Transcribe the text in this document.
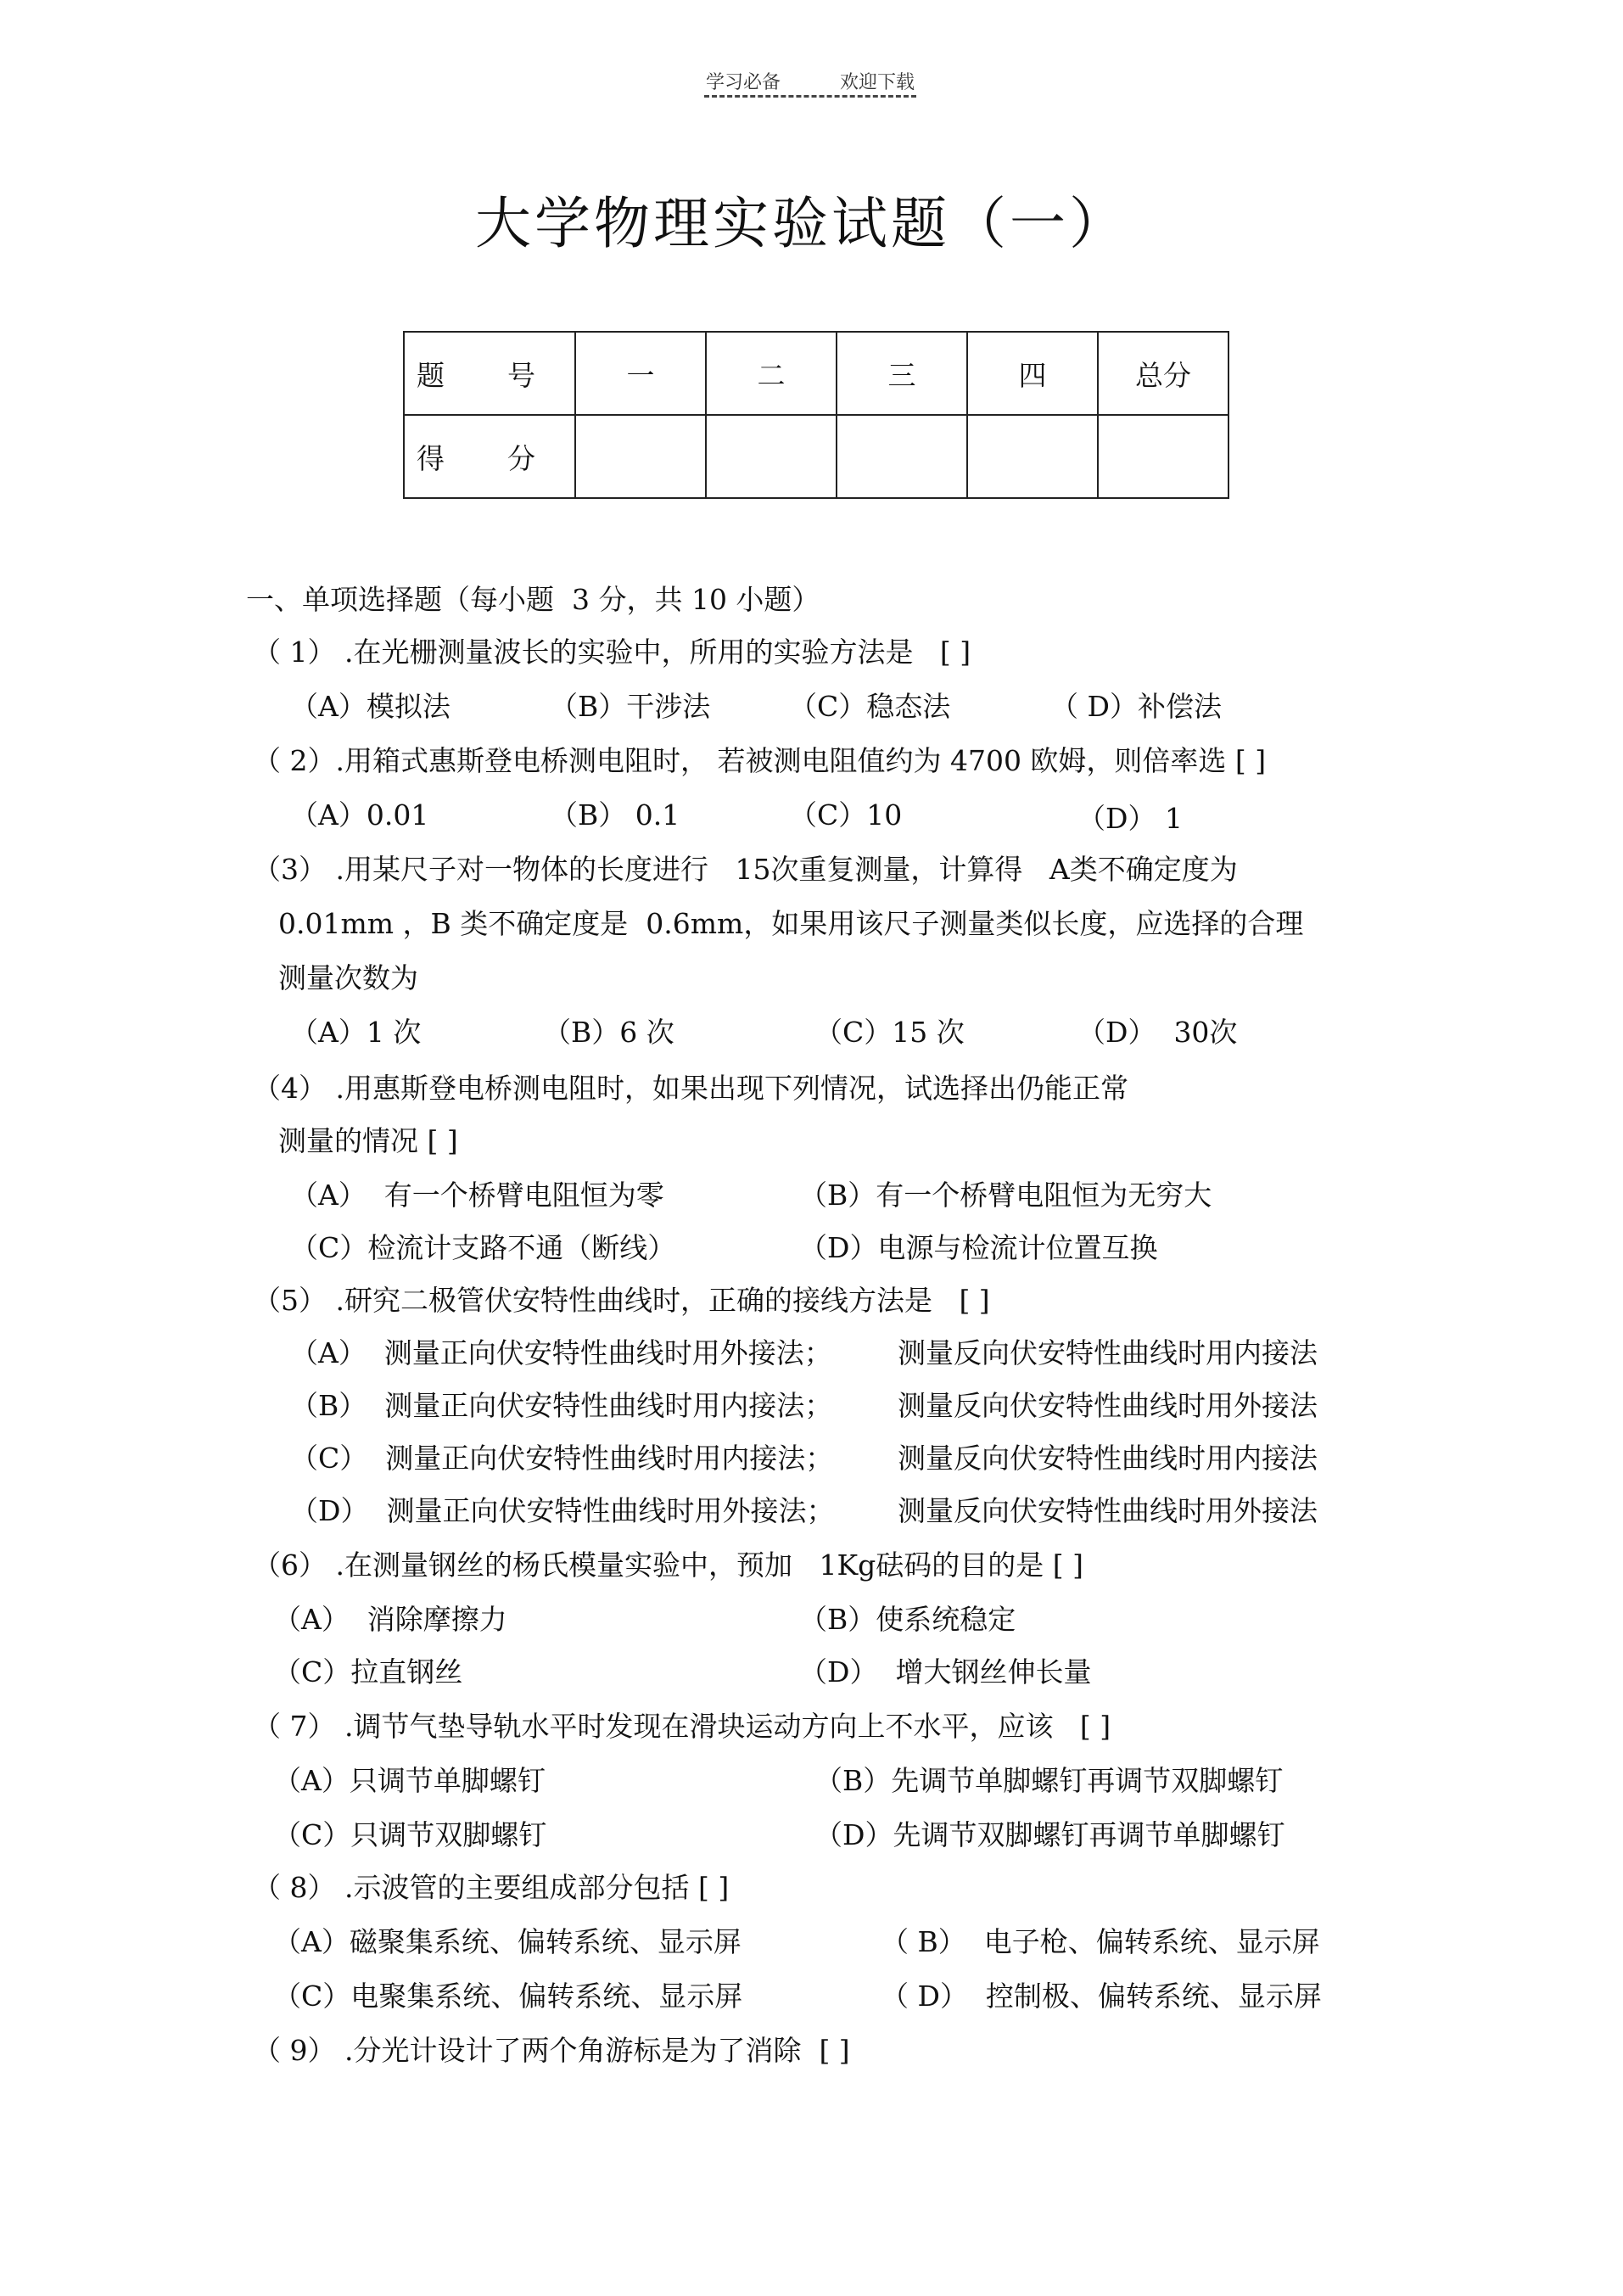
学习必备	欢迎下载
大学物理实验试题（一）
题 号	一	二	三	四	总分

得 分					

一、单项选择题（每小题  3 分，共 10 小题）
（ 1） .在光栅测量波长的实验中，所用的实验方法是   [ ]
（A）模拟法	（B）干涉法	（C）稳态法	（ D）补偿法
（ 2）.用箱式惠斯登电桥测电阻时， 若被测电阻值约为 4700 欧姆，则倍率选 [ ]
（A）0.01	（B） 0.1	（C）10	（D） 1
（3） .用某尺子对一物体的长度进行   15次重复测量，计算得   A类不确定度为
0.01mm ，B 类不确定度是  0.6mm，如果用该尺子测量类似长度，应选择的合理
测量次数为
（A）1 次	（B）6 次	（C）15 次	（D）  30次
（4） .用惠斯登电桥测电阻时，如果出现下列情况，试选择出仍能正常
测量的情况 [ ]
（A）  有一个桥臂电阻恒为零	（B）有一个桥臂电阻恒为无穷大
（C）检流计支路不通（断线）	（D）电源与检流计位置互换
（5） .研究二极管伏安特性曲线时，正确的接线方法是   [ ]
（A）  测量正向伏安特性曲线时用外接法； 测量反向伏安特性曲线时用内接法
（B）  测量正向伏安特性曲线时用内接法； 测量反向伏安特性曲线时用外接法
（C）  测量正向伏安特性曲线时用内接法； 测量反向伏安特性曲线时用内接法
（D）  测量正向伏安特性曲线时用外接法； 测量反向伏安特性曲线时用外接法
（6） .在测量钢丝的杨氏模量实验中，预加   1Kg砝码的目的是 [ ]
（A）  消除摩擦力	（B）使系统稳定
（C）拉直钢丝	（D）  增大钢丝伸长量
（ 7） .调节气垫导轨水平时发现在滑块运动方向上不水平，应该   [ ]
（A）只调节单脚螺钉	（B）先调节单脚螺钉再调节双脚螺钉
（C）只调节双脚螺钉	（D）先调节双脚螺钉再调节单脚螺钉
（ 8） .示波管的主要组成部分包括 [ ]
（A）磁聚集系统、偏转系统、显示屏	（ B）  电子枪、偏转系统、显示屏
（C）电聚集系统、偏转系统、显示屏	（ D）  控制极、偏转系统、显示屏
（ 9） .分光计设计了两个角游标是为了消除  [ ]
